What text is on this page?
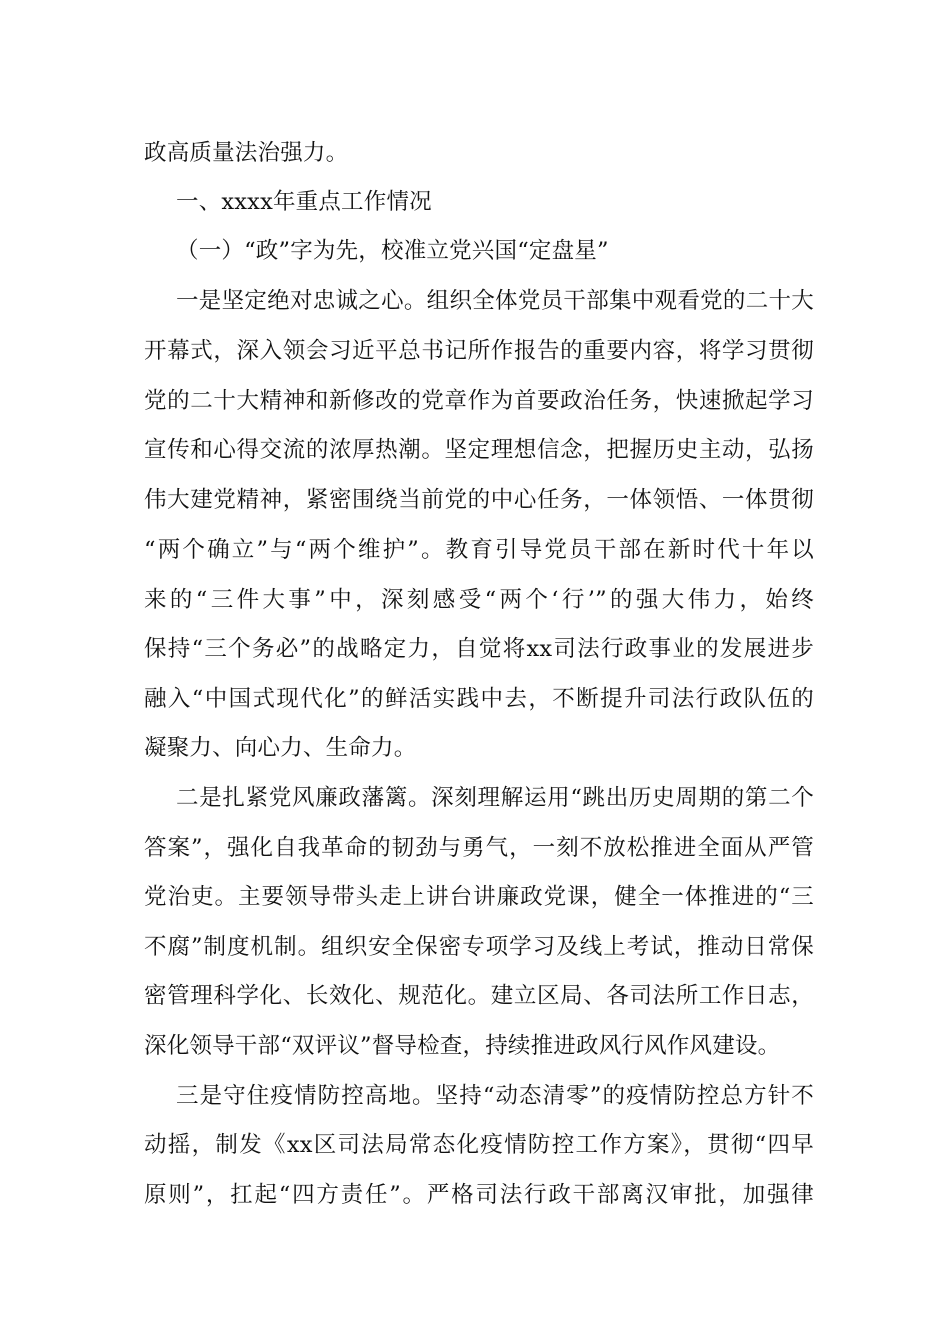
政高质量法治强力。
一、xxxx年重点工作情况
（一）“政”字为先，校准立党兴国“定盘星”
一是坚定绝对忠诚之心。组织全体党员干部集中观看党的二十大
开幕式，深入领会习近平总书记所作报告的重要内容，将学习贯彻
党的二十大精神和新修改的党章作为首要政治任务，快速掀起学习
宣传和心得交流的浓厚热潮。坚定理想信念，把握历史主动，弘扬
伟大建党精神，紧密围绕当前党的中心任务，一体领悟、一体贯彻
“两个确立”与“两个维护”。教育引导党员干部在新时代十年以
来的“三件大事”中，深刻感受“两个‘行’”的强大伟力，始终
保持“三个务必”的战略定力，自觉将xx司法行政事业的发展进步
融入“中国式现代化”的鲜活实践中去，不断提升司法行政队伍的
凝聚力、向心力、生命力。
二是扎紧党风廉政藩篱。深刻理解运用“跳出历史周期的第二个
答案”，强化自我革命的韧劲与勇气，一刻不放松推进全面从严管
党治吏。主要领导带头走上讲台讲廉政党课，健全一体推进的“三
不腐”制度机制。组织安全保密专项学习及线上考试，推动日常保
密管理科学化、长效化、规范化。建立区局、各司法所工作日志，
深化领导干部“双评议”督导检查，持续推进政风行风作风建设。
三是守住疫情防控高地。坚持“动态清零”的疫情防控总方针不
动摇，制发《xx区司法局常态化疫情防控工作方案》，贯彻“四早
原则”，扛起“四方责任”。严格司法行政干部离汉审批，加强律
